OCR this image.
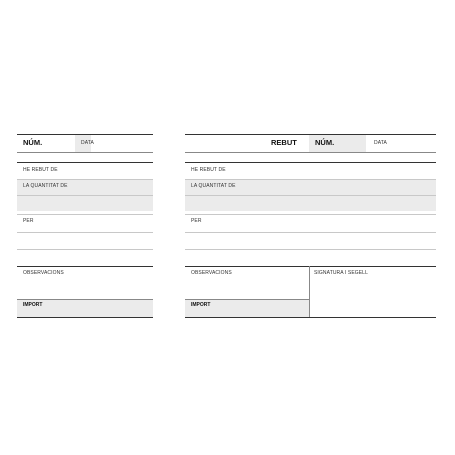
NÚM.	DATA
HE REBUT DE
LA QUANTITAT DE
PER
OBSERVACIONS
IMPORT
REBUT NÚM.	DATA
HE REBUT DE
LA QUANTITAT DE
PER
OBSERVACIONS	SIGNATURA I SEGELL
IMPORT
